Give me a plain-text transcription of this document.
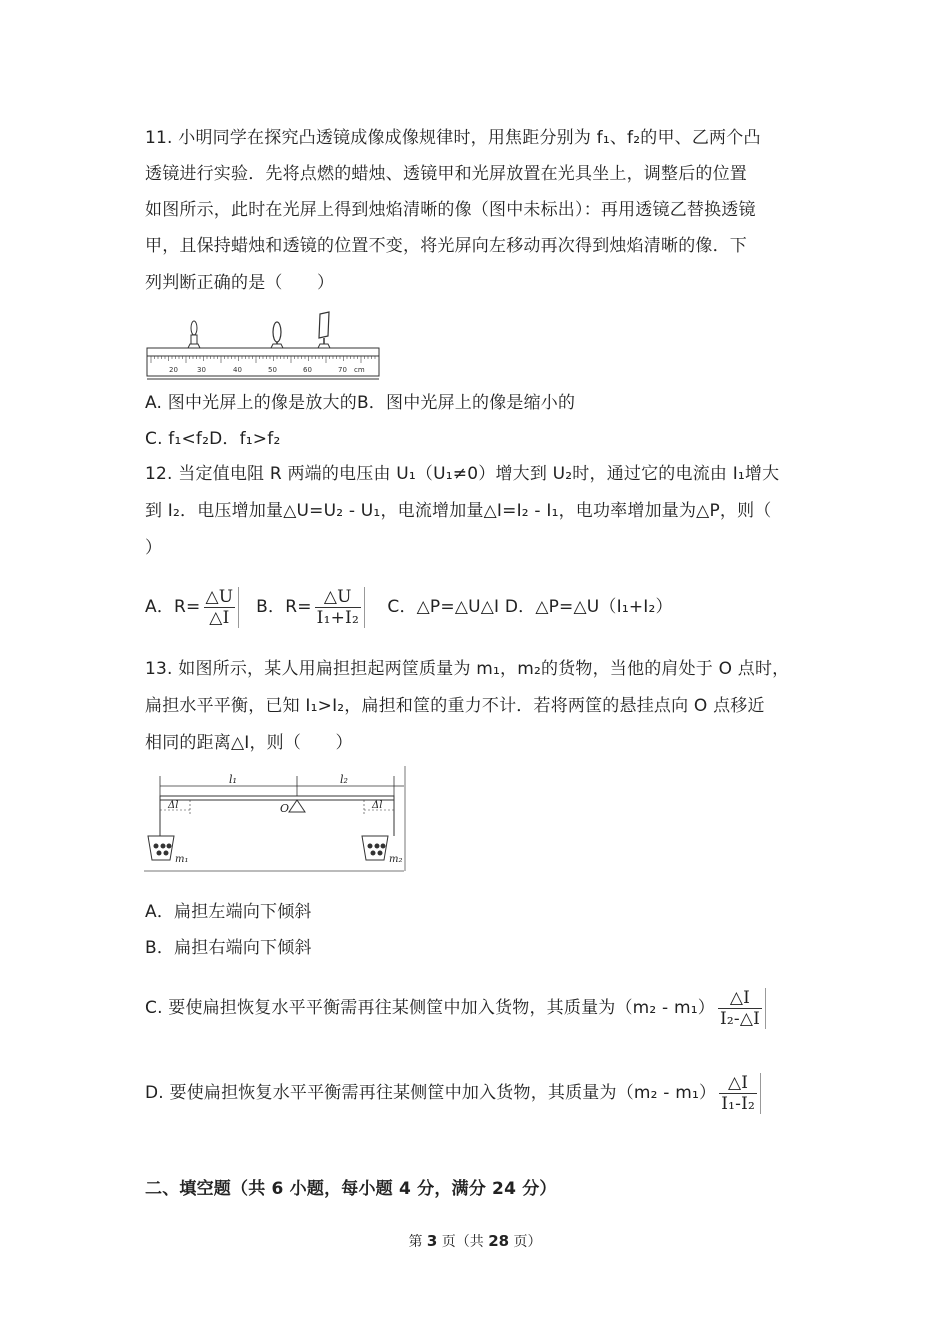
11. 小明同学在探究凸透镜成像成像规律时，用焦距分别为 f₁、f₂的甲、乙两个凸
透镜进行实验．先将点燃的蜡烛、透镜甲和光屏放置在光具坐上，调整后的位置
如图所示，此时在光屏上得到烛焰清晰的像（图中未标出）：再用透镜乙替换透镜
甲，且保持蜡烛和透镜的位置不变，将光屏向左移动再次得到烛焰清晰的像．下
列判断正确的是（　　）
20	30	40	50	60	70 cm
A. 图中光屏上的像是放大的B．图中光屏上的像是缩小的
C. f₁<f₂D．f₁>f₂
12. 当定值电阻 R 两端的电压由 U₁（U₁≠0）增大到 U₂时，通过它的电流由 I₁增大
到 I₂．电压增加量△U=U₂ - U₁，电流增加量△I=I₂ - I₁，电功率增加量为△P，则（
）
A．$R= \frac{\triangle U}{\triangle I}$ B．$R= \frac{\triangle U}{\text{I₁+I₂}}$ C．△P=△U△I D．△P=△U（I₁+I₂）
13. 如图所示，某人用扁担担起两筐质量为 m₁，m₂的货物，当他的肩处于 O 点时，
扁担水平平衡，已知 I₁>I₂，扁担和筐的重力不计．若将两筐的悬挂点向 O 点移近
相同的距离△I，则（　　）
l₁	l₂
O
Δl	Δl
m₁	m₂
A．扁担左端向下倾斜
B．扁担右端向下倾斜
C. 要使扁担恢复水平平衡需再往某侧筐中加入货物，其质量为$(m_2 - m_1) \frac{\triangle I}{\text{I₂-△I}}$
D. 要使扁担恢复水平平衡需再往某侧筐中加入货物，其质量为$(m_2 - m_1) \frac{\triangle I}{\text{I₁-I₂}}$
二、填空题（共 6 小题，每小题 4 分，满分 24 分）
第 3 页（共 28 页）
